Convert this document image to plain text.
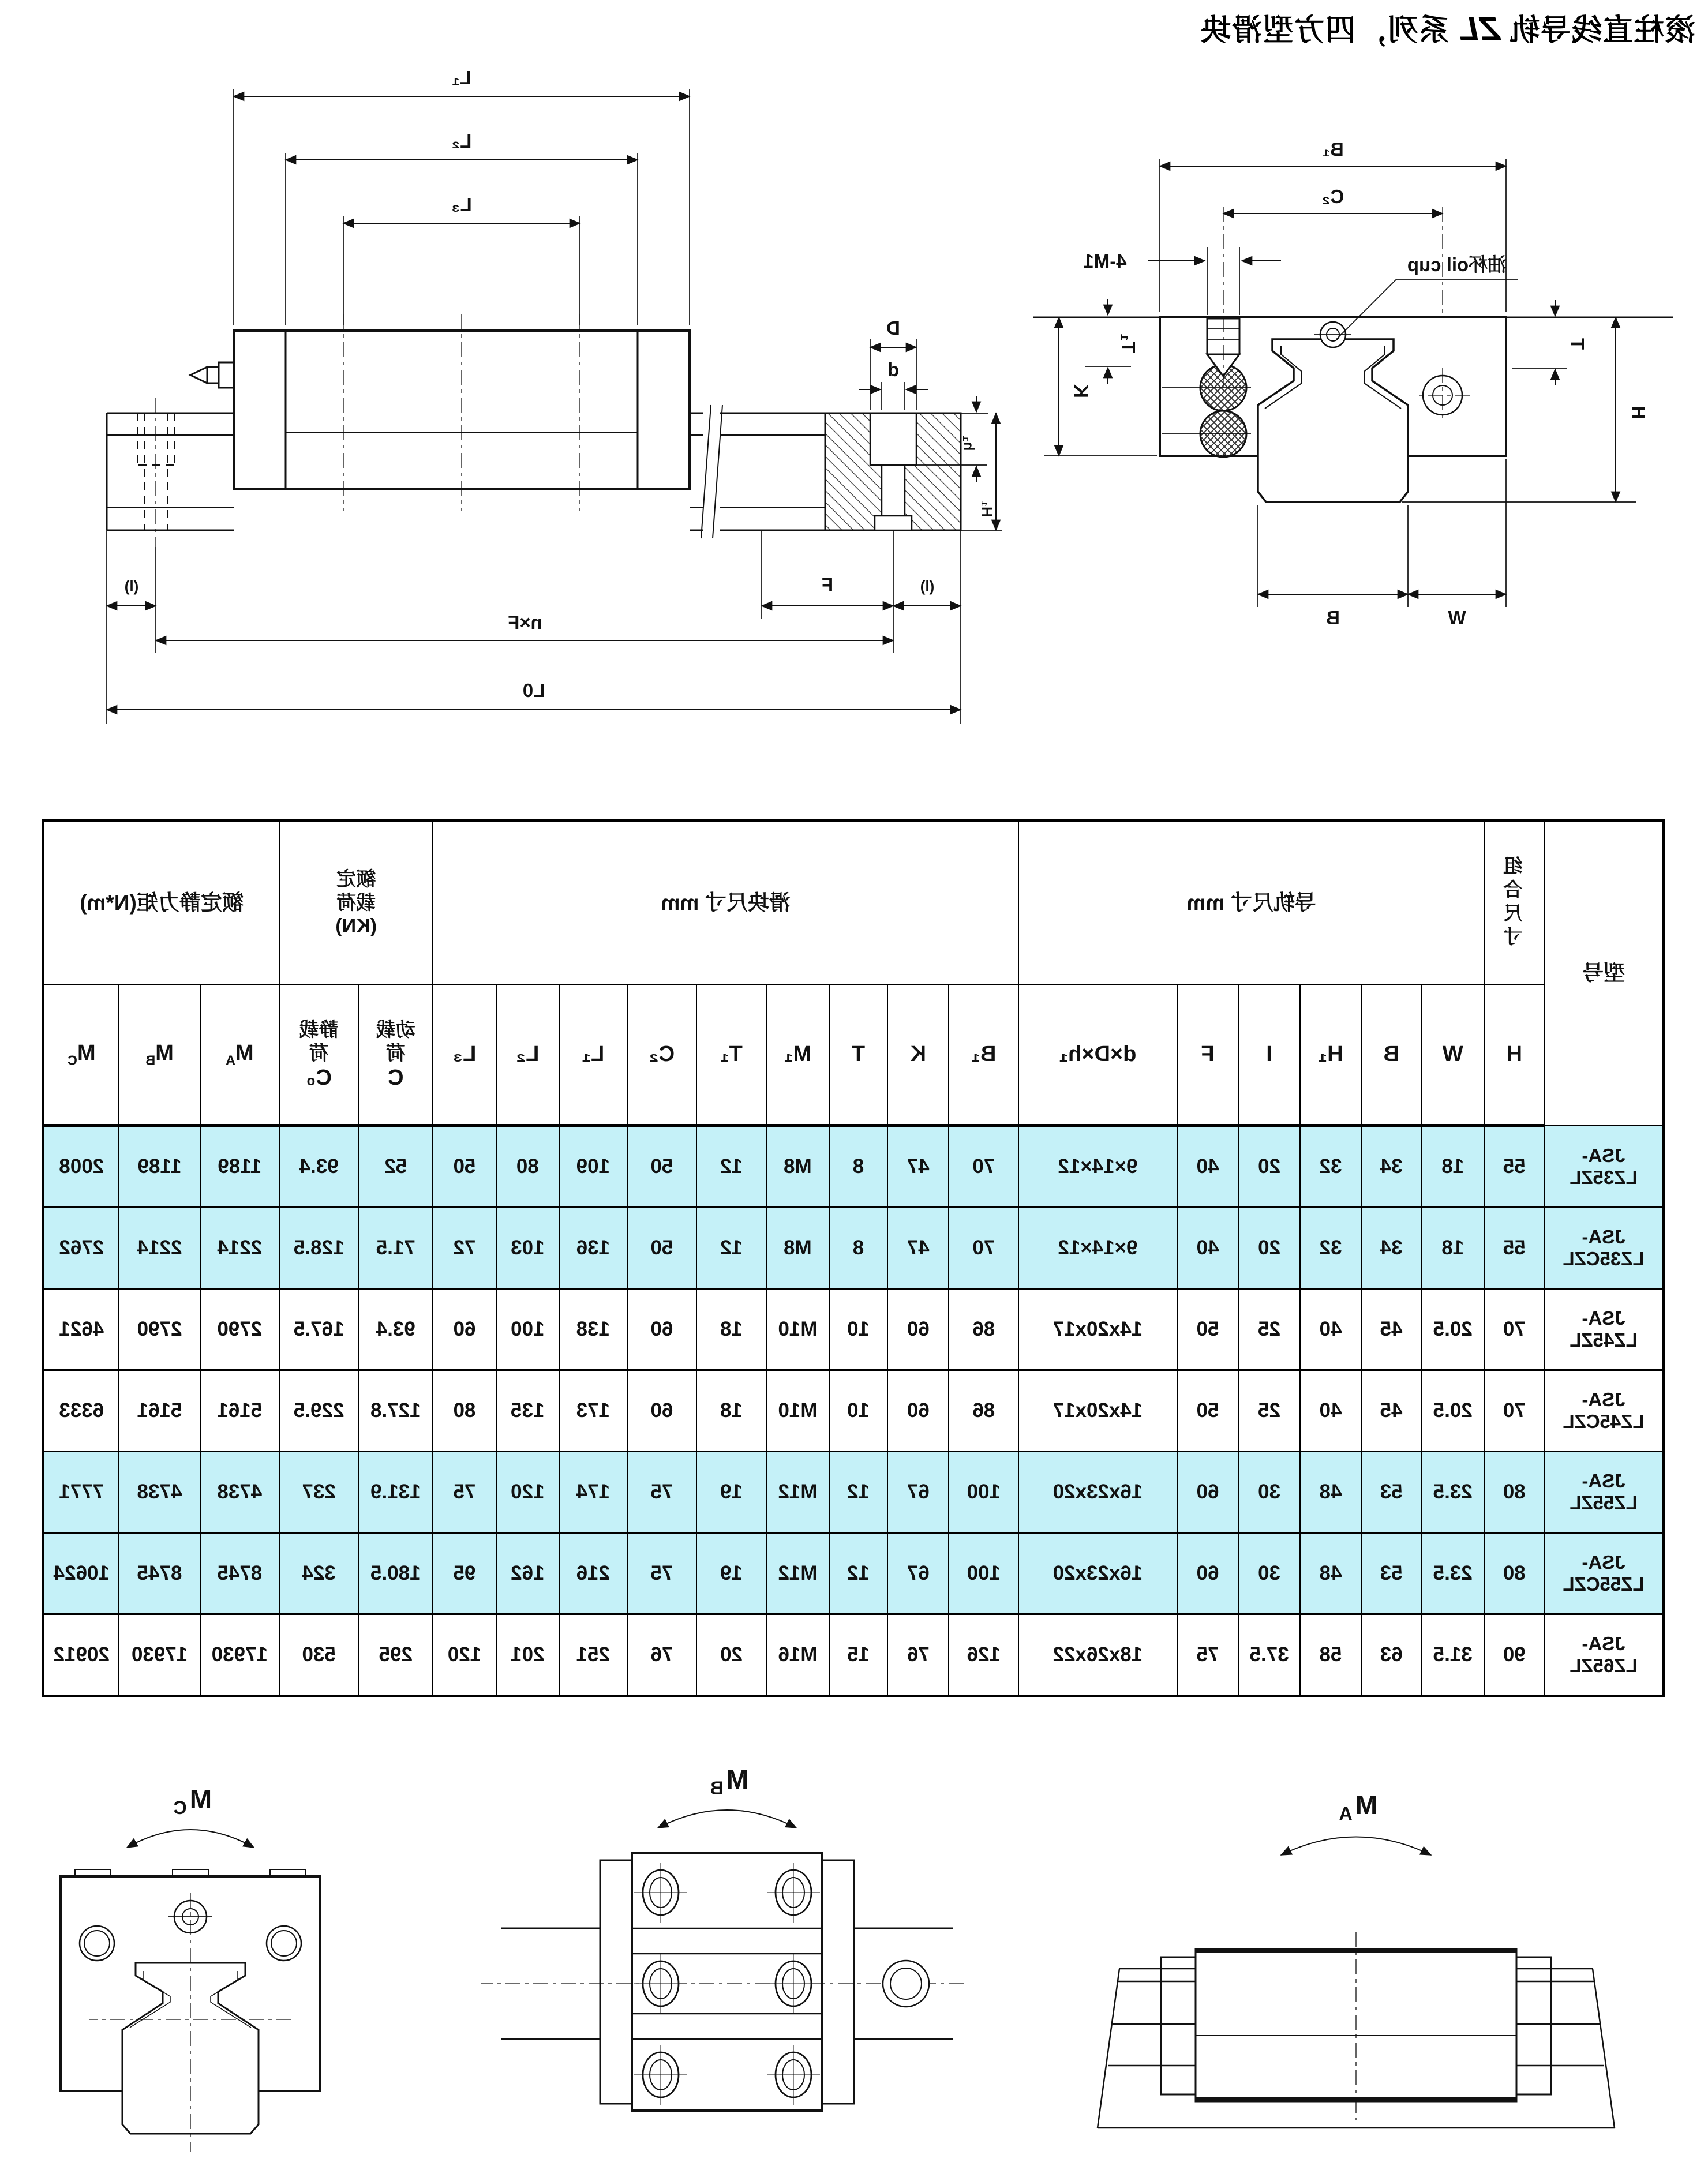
滚柱直线导轨ZL系列，四方型滑块
4-M1
C₂
B₁
油杯oil cup
H
T
T₁
K
W
B
L₁
L₂
L₃
D
d
h₁
H₁
(l)
F
(l)
n×F
L0
型号	组合尺寸	导轨尺寸 mm						滑块尺寸 mm									额定载荷(KN)		额定静力矩(N*m)		
H	W	B	H₁	I	F	d×D×h₁	B₁	K	T	M₁	T₁	C₂	L₁	L₂	L₃	
动载荷
C

静载荷
C₀
	$M_A$	$M_B$	$M_C$

JSA-
LZ35ZL	55	18	34	32	20	40	9×14×12	70	47	8	M8	12	50	109	80	50	52	93.4	1189	1189	2008

JSA-
LZ35CZL	55	18	34	32	20	40	9×14×12	70	47	8	M8	12	50	136	103	72	71.5	128.5	2214	2214	2762

JSA-
LZ45ZL	70	20.5	45	40	25	50	14x20x17	86	60	10	M10	18	60	138	100	60	93.4	167.5	2790	2790	4621

JSA-
LZ45CZL	70	20.5	45	40	25	50	14x20x17	86	60	10	M10	18	60	173	135	80	127.8	229.5	5161	5161	6333

JSA-
LZ55ZL	80	23.5	53	48	30	60	16x23x20	100	67	12	M12	19	75	174	120	75	131.9	237	4738	4738	7771

JSA-
LZ55CZL	80	23.5	53	48	30	60	16x23x20	100	67	12	M12	19	75	216	162	95	180.5	324	8745	8745	10624

JSA-
LZ65ZL	90	31.5	63	58	37.5	75	18x26x22	126	76	15	M16	20	76	251	201	120	295	530	17930	17930	20912
M
A
M
B
M
C
